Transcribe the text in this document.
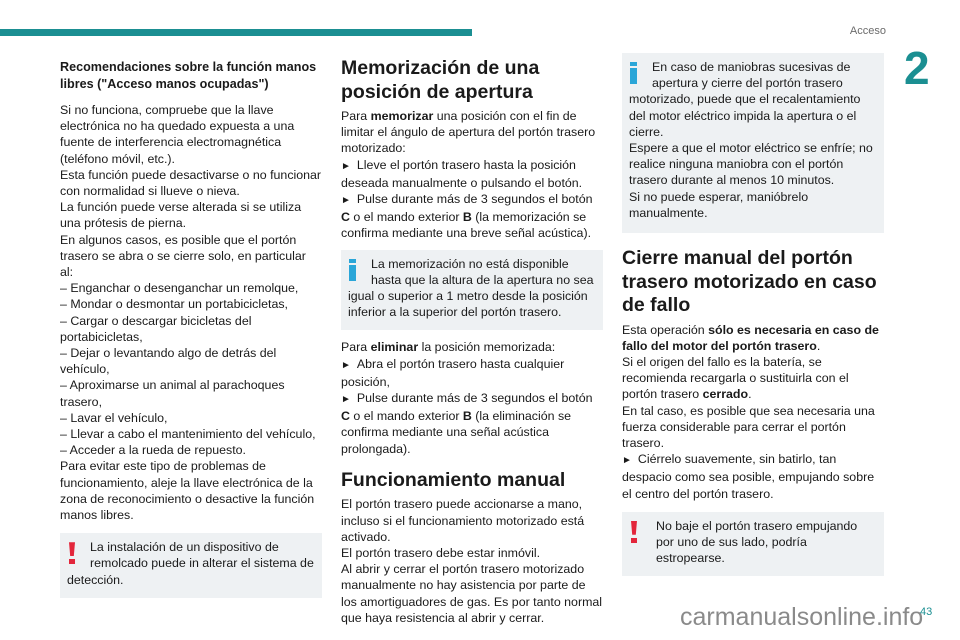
Acceso
2

Recomendaciones sobre la función manos libres ("Acceso manos ocupadas")

Si no funciona, compruebe que la llave electrónica no ha quedado expuesta a una fuente de interferencia electromagnética (teléfono móvil, etc.).

Esta función puede desactivarse o no funcionar con normalidad si llueve o nieva.

La función puede verse alterada si se utiliza una prótesis de pierna.

En algunos casos, es posible que el portón trasero se abra o se cierre solo, en particular al:

– Enganchar o desenganchar un remolque,

– Mondar o desmontar un portabicicletas,

– Cargar o descargar bicicletas del portabicicletas,

– Dejar o levantando algo de detrás del vehículo,

– Aproximarse un animal al parachoques trasero,

– Lavar el vehículo,

– Llevar a cabo el mantenimiento del vehículo,

– Acceder a la rueda de repuesto.

Para evitar este tipo de problemas de funcionamiento, aleje la llave electrónica de la zona de reconocimiento o desactive la función manos libres.

La instalación de un dispositivo de remolcado puede in alterar el sistema de
detección.

Memorización de una posición de apertura

Para memorizar una posición con el fin de limitar el ángulo de apertura del portón trasero motorizado:

► Lleve el portón trasero hasta la posición deseada manualmente o pulsando el botón.

► Pulse durante más de 3 segundos el botón C o el mando exterior B (la memorización se confirma mediante una breve señal acústica).

La memorización no está disponible hasta que la altura de la apertura no sea
igual o superior a 1 metro desde la posición inferior a la superior del portón trasero.

Para eliminar la posición memorizada:

► Abra el portón trasero hasta cualquier posición,

► Pulse durante más de 3 segundos el botón C o el mando exterior B (la eliminación se confirma mediante una señal acústica prolongada).

Funcionamiento manual

El portón trasero puede accionarse a mano, incluso si el funcionamiento motorizado está activado.

El portón trasero debe estar inmóvil.

Al abrir y cerrar el portón trasero motorizado manualmente no hay asistencia por parte de los amortiguadores de gas. Es por tanto normal que haya resistencia al abrir y cerrar.

En caso de maniobras sucesivas de apertura y cierre del portón trasero

motorizado, puede que el recalentamiento del motor eléctrico impida la apertura o el cierre.

Espere a que el motor eléctrico se enfríe; no realice ninguna maniobra con el portón trasero durante al menos 10 minutos.

Si no puede esperar, manióbrelo manualmente.

Cierre manual del portón trasero motorizado en caso de fallo

Esta operación sólo es necesaria en caso de fallo del motor del portón trasero.

Si el origen del fallo es la batería, se recomienda recargarla o sustituirla con el portón trasero cerrado.

En tal caso, es posible que sea necesaria una fuerza considerable para cerrar el portón trasero.

► Ciérrelo suavemente, sin batirlo, tan despacio como sea posible, empujando sobre el centro del portón trasero.

No baje el portón trasero empujando por uno de sus lado, podría estropearse.
carmanualsonline.info
43
